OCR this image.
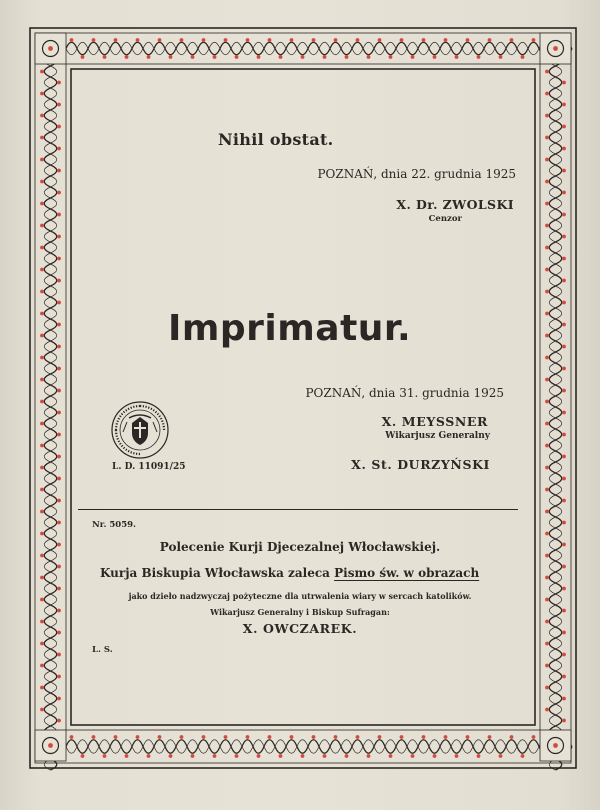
Nihil obstat.
POZNAŃ, dnia 22. grudnia 1925
X. Dr. ZWOLSKI
Cenzor
Imprimatur.
POZNAŃ, dnia 31. grudnia 1925
X. MEYSSNER
Wikarjusz Generalny
X. St. DURZYŃSKI
L. D. 11091/25
Nr. 5059.
Polecenie Kurji Djecezalnej Włocławskiej.
Kurja Biskupia Włocławska zaleca Pismo św. w obrazach
jako dzieło nadzwyczaj pożyteczne dla utrwalenia wiary w sercach katolików.
Wikarjusz Generalny i Biskup Sufragan:
X. OWCZAREK.
L. S.
